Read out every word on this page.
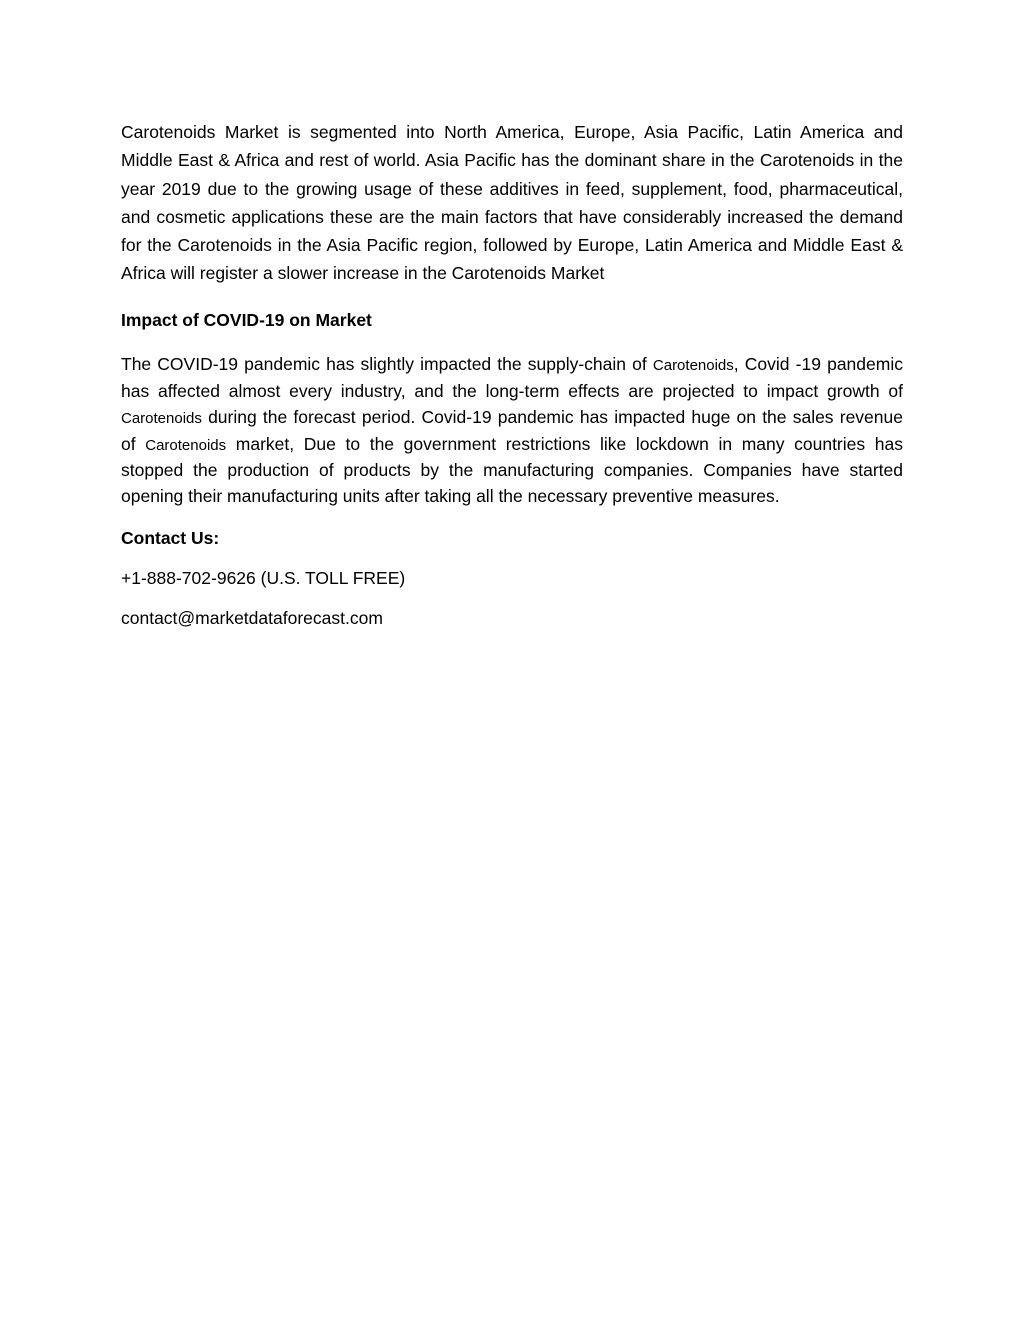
Carotenoids Market is segmented into North America, Europe, Asia Pacific, Latin America and Middle East & Africa and rest of world. Asia Pacific has the dominant share in the Carotenoids in the year 2019 due to the growing usage of these additives in feed, supplement, food, pharmaceutical, and cosmetic applications these are the main factors that have considerably increased the demand for the Carotenoids in the Asia Pacific region, followed by Europe, Latin America and Middle East & Africa will register a slower increase in the Carotenoids Market

Impact of COVID-19 on Market

The COVID-19 pandemic has slightly impacted the supply-chain of Carotenoids, Covid -19 pandemic has affected almost every industry, and the long-term effects are projected to impact growth of Carotenoids during the forecast period. Covid-19 pandemic has impacted huge on the sales revenue of Carotenoids market, Due to the government restrictions like lockdown in many countries has stopped the production of products by the manufacturing companies. Companies have started opening their manufacturing units after taking all the necessary preventive measures.

Contact Us:

+1-888-702-9626 (U.S. TOLL FREE)

contact@marketdataforecast.com
